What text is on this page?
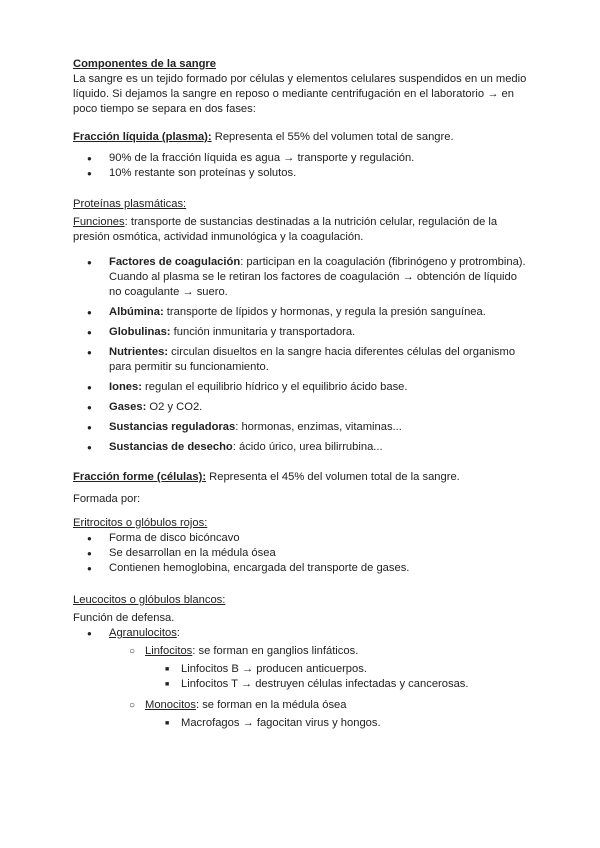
Componentes de la sangre
La sangre es un tejido formado por células y elementos celulares suspendidos en un medio líquido. Si dejamos la sangre en reposo o mediante centrifugación en el laboratorio → en poco tiempo se separa en dos fases:
Fracción líquida (plasma): Representa el 55% del volumen total de sangre.
● 90% de la fracción líquida es agua → transporte y regulación.
● 10% restante son proteínas y solutos.
Proteínas plasmáticas:
Funciones: transporte de sustancias destinadas a la nutrición celular, regulación de la presión osmótica, actividad inmunológica y la coagulación.
● Factores de coagulación: participan en la coagulación (fibrinógeno y protrombina). Cuando al plasma se le retiran los factores de coagulación → obtención de líquido no coagulante → suero.
● Albúmina: transporte de lípidos y hormonas, y regula la presión sanguínea.
● Globulinas: función inmunitaria y transportadora.
● Nutrientes: circulan disueltos en la sangre hacia diferentes células del organismo para permitir su funcionamiento.
● Iones: regulan el equilibrio hídrico y el equilibrio ácido base.
● Gases: O2 y CO2.
● Sustancias reguladoras: hormonas, enzimas, vitaminas...
● Sustancias de desecho: ácido úrico, urea bilirrubina...
Fracción forme (células): Representa el 45% del volumen total de la sangre.
Formada por:
Eritrocitos o glóbulos rojos:
● Forma de disco bicóncavo
● Se desarrollan en la médula ósea
● Contienen hemoglobina, encargada del transporte de gases.
Leucocitos o glóbulos blancos:
Función de defensa.
● Agranulocitos:
○ Linfocitos: se forman en ganglios linfáticos.
■ Linfocitos B → producen anticuerpos.
■ Linfocitos T → destruyen células infectadas y cancerosas.
○ Monocitos: se forman en la médula ósea
■ Macrofagos → fagocitan virus y hongos.
